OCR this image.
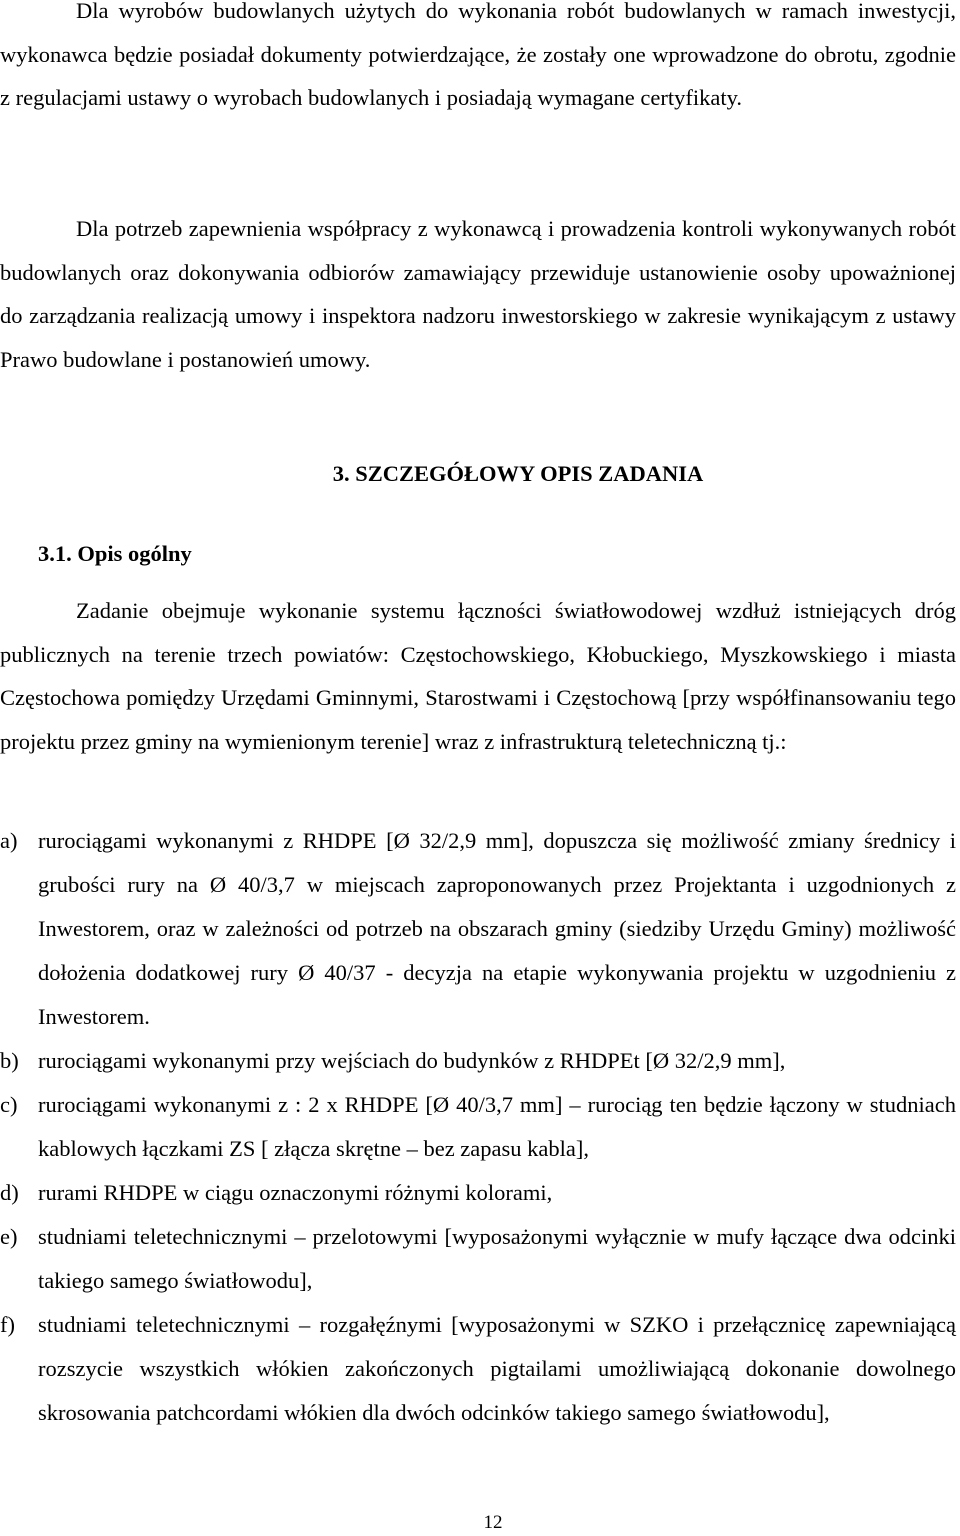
Dla wyrobów budowlanych użytych do wykonania robót budowlanych w ramach inwestycji, wykonawca będzie posiadał dokumenty potwierdzające, że zostały one wprowadzone do obrotu, zgodnie z regulacjami ustawy o wyrobach budowlanych i posiadają wymagane certyfikaty.

Dla potrzeb zapewnienia współpracy z wykonawcą i prowadzenia kontroli wykonywanych robót budowlanych oraz dokonywania odbiorów zamawiający przewiduje ustanowienie osoby upoważnionej do zarządzania realizacją umowy i inspektora nadzoru inwestorskiego w zakresie wynikającym z ustawy Prawo budowlane i postanowień umowy.

3. SZCZEGÓŁOWY OPIS ZADANIA
3.1. Opis ogólny

Zadanie obejmuje wykonanie systemu łączności światłowodowej wzdłuż istniejących dróg publicznych na terenie trzech powiatów: Częstochowskiego, Kłobuckiego, Myszkowskiego i miasta Częstochowa pomiędzy Urzędami Gminnymi, Starostwami i Częstochową [przy współfinansowaniu tego projektu przez gminy na wymienionym terenie] wraz z infrastrukturą teletechniczną tj.:

a) rurociągami wykonanymi z RHDPE [Ø 32/2,9 mm], dopuszcza się możliwość zmiany średnicy i grubości rury na Ø 40/3,7 w miejscach zaproponowanych przez Projektanta i uzgodnionych z Inwestorem, oraz w zależności od potrzeb na obszarach gminy (siedziby Urzędu Gminy) możliwość dołożenia dodatkowej rury Ø 40/37 - decyzja na etapie wykonywania projektu w uzgodnieniu z Inwestorem.
b) rurociągami wykonanymi przy wejściach do budynków z RHDPEt [Ø 32/2,9 mm],
c) rurociągami wykonanymi z : 2 x RHDPE [Ø 40/3,7 mm] – rurociąg ten będzie łączony w studniach kablowych łączkami ZS [ złącza skrętne – bez zapasu kabla],
d) rurami RHDPE w ciągu oznaczonymi różnymi kolorami,
e) studniami teletechnicznymi – przelotowymi [wyposażonymi wyłącznie w mufy łączące dwa odcinki takiego samego światłowodu],
f) studniami teletechnicznymi – rozgałęźnymi [wyposażonymi w SZKO i przełącznicę zapewniającą rozszycie wszystkich włókien zakończonych pigtailami umożliwiającą dokonanie dowolnego skrosowania patchcordami włókien dla dwóch odcinków takiego samego światłowodu],
12
